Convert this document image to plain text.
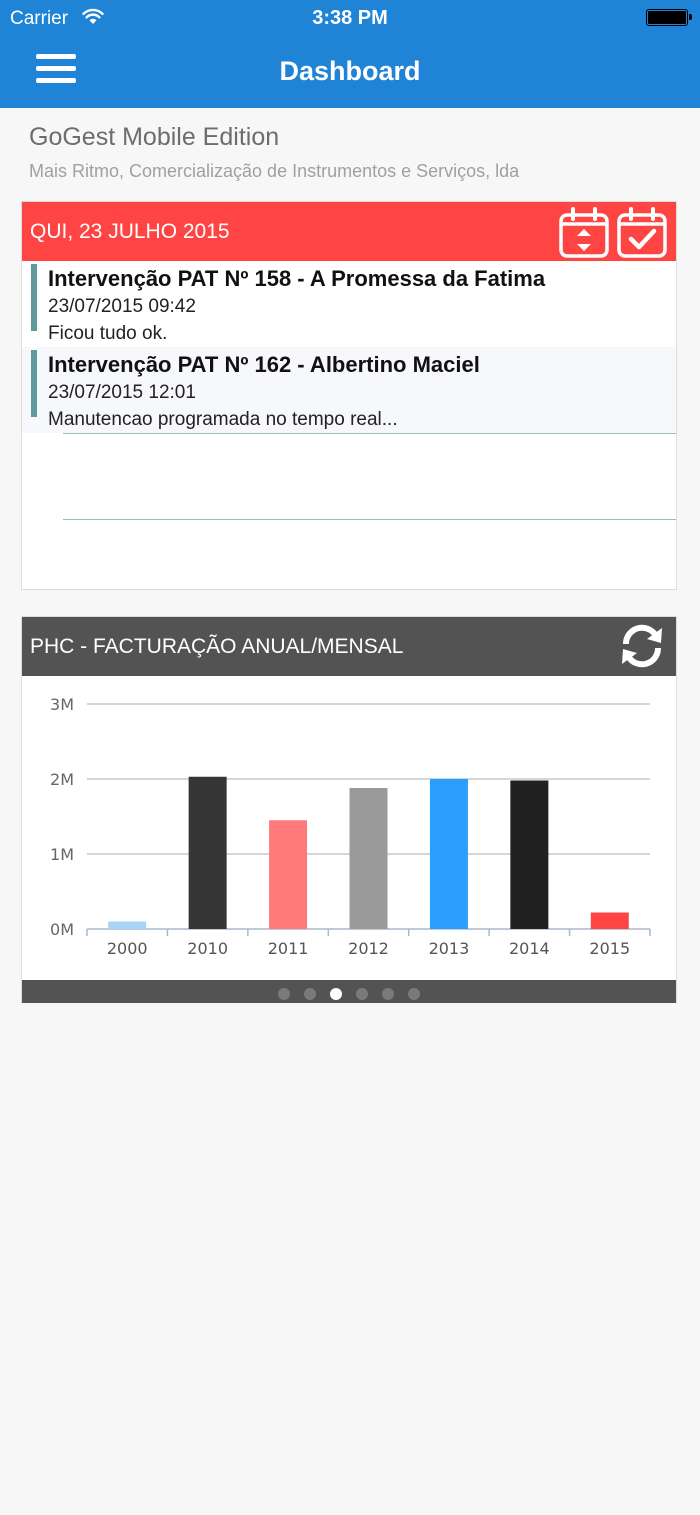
Carrier	3:38 PM
Dashboard
GoGest Mobile Edition
Mais Ritmo, Comercialização de Instrumentos e Serviços, lda
QUI, 23 JULHO 2015
Intervenção PAT Nº 158 - A Promessa da Fatima
23/07/2015 09:42
Ficou tudo ok.
Intervenção PAT Nº 162 - Albertino Maciel
23/07/2015 12:01
Manutencao programada no tempo real...
PHC - FACTURAÇÃO ANUAL/MENSAL
0M
1M
2M
3M
2000 2010 2011 2012 2013 2014 2015
